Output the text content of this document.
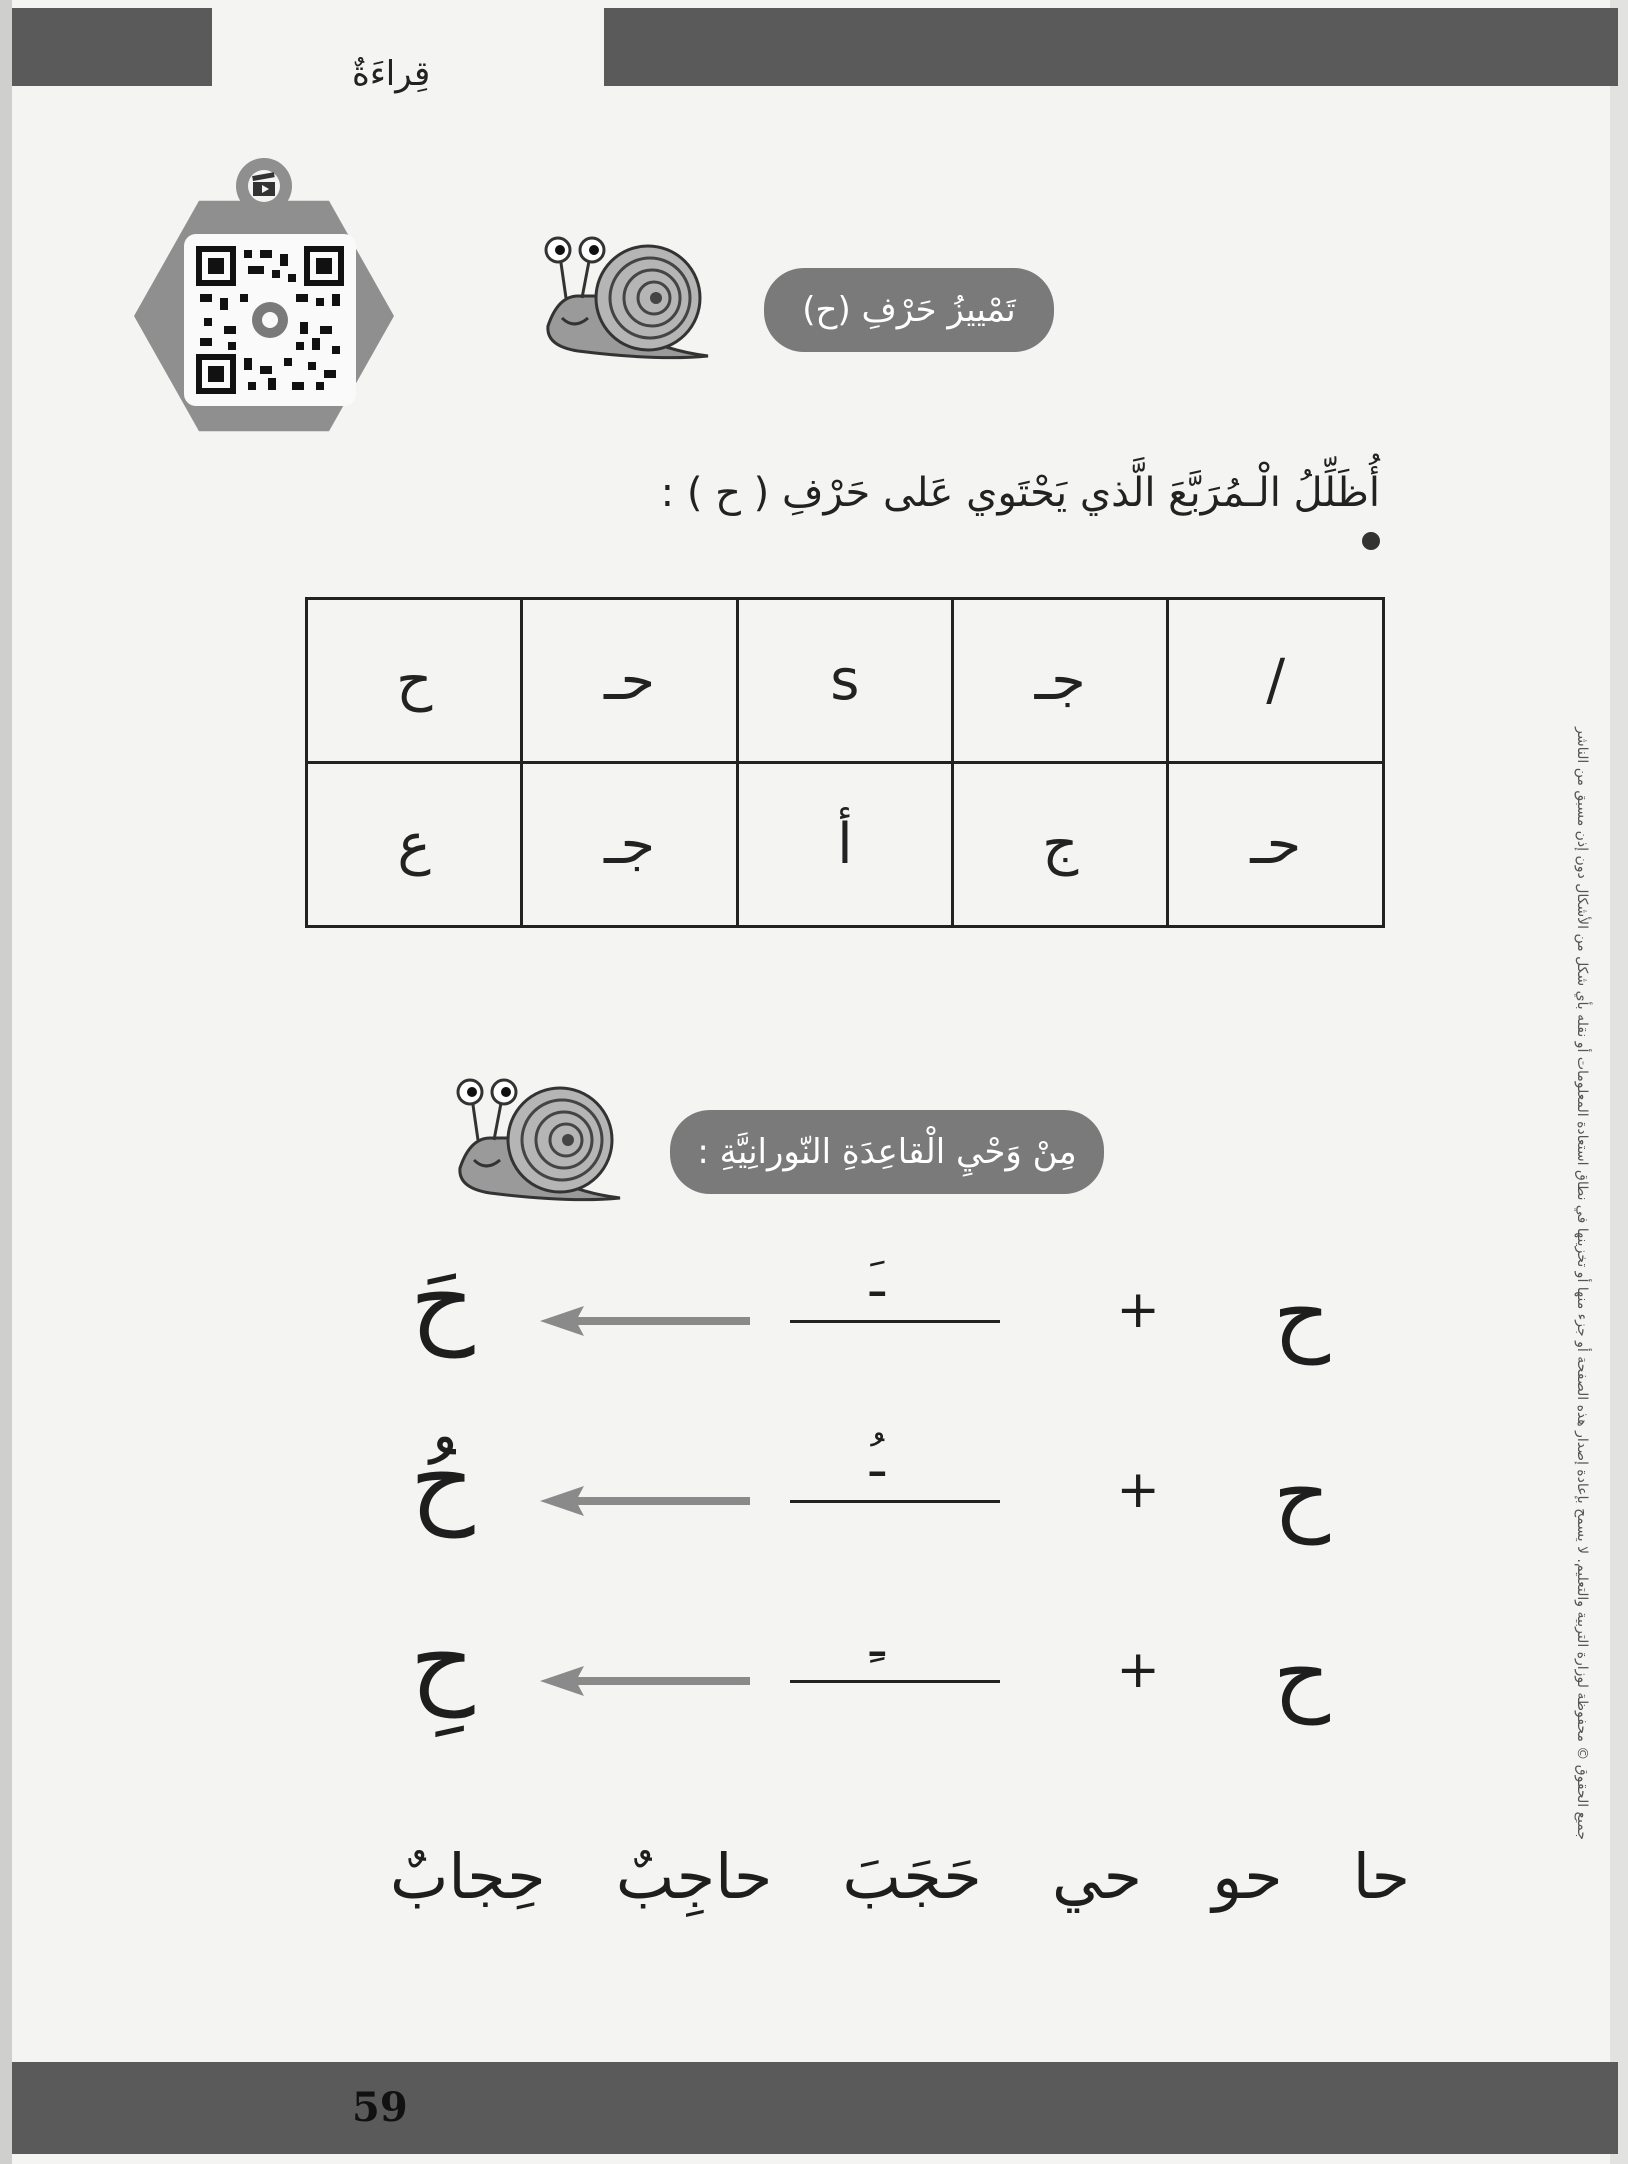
قِراءَةٌ
تَمْييزُ حَرْفِ (ح)
أُظَلِّلُ الْـمُرَبَّعَ الَّذي يَحْتَوي عَلى حَرْفِ ( ح ) :
/	جـ	s	حـ	ح
حـ	ج	أ	جـ	ع
مِنْ وَحْيِ الْقاعِدَةِ النّورانِيَّةِ :
ح
+
ـَ
حَ
ح
+
ـُ
حُ
ح
+
ـِ
حِ
حا
حو
حي
حَجَبَ
حاجِبٌ
حِجابٌ
جميع الحقوق © محفوظة لوزارة التربية والتعليم. لا يسمح بإعادة إصدار هذه الصفحة أو جزء منها أو تخزينها في نطاق استعادة المعلومات أو نقله بأي شكل من الأشكال دون إذن مسبق من الناشر
59
